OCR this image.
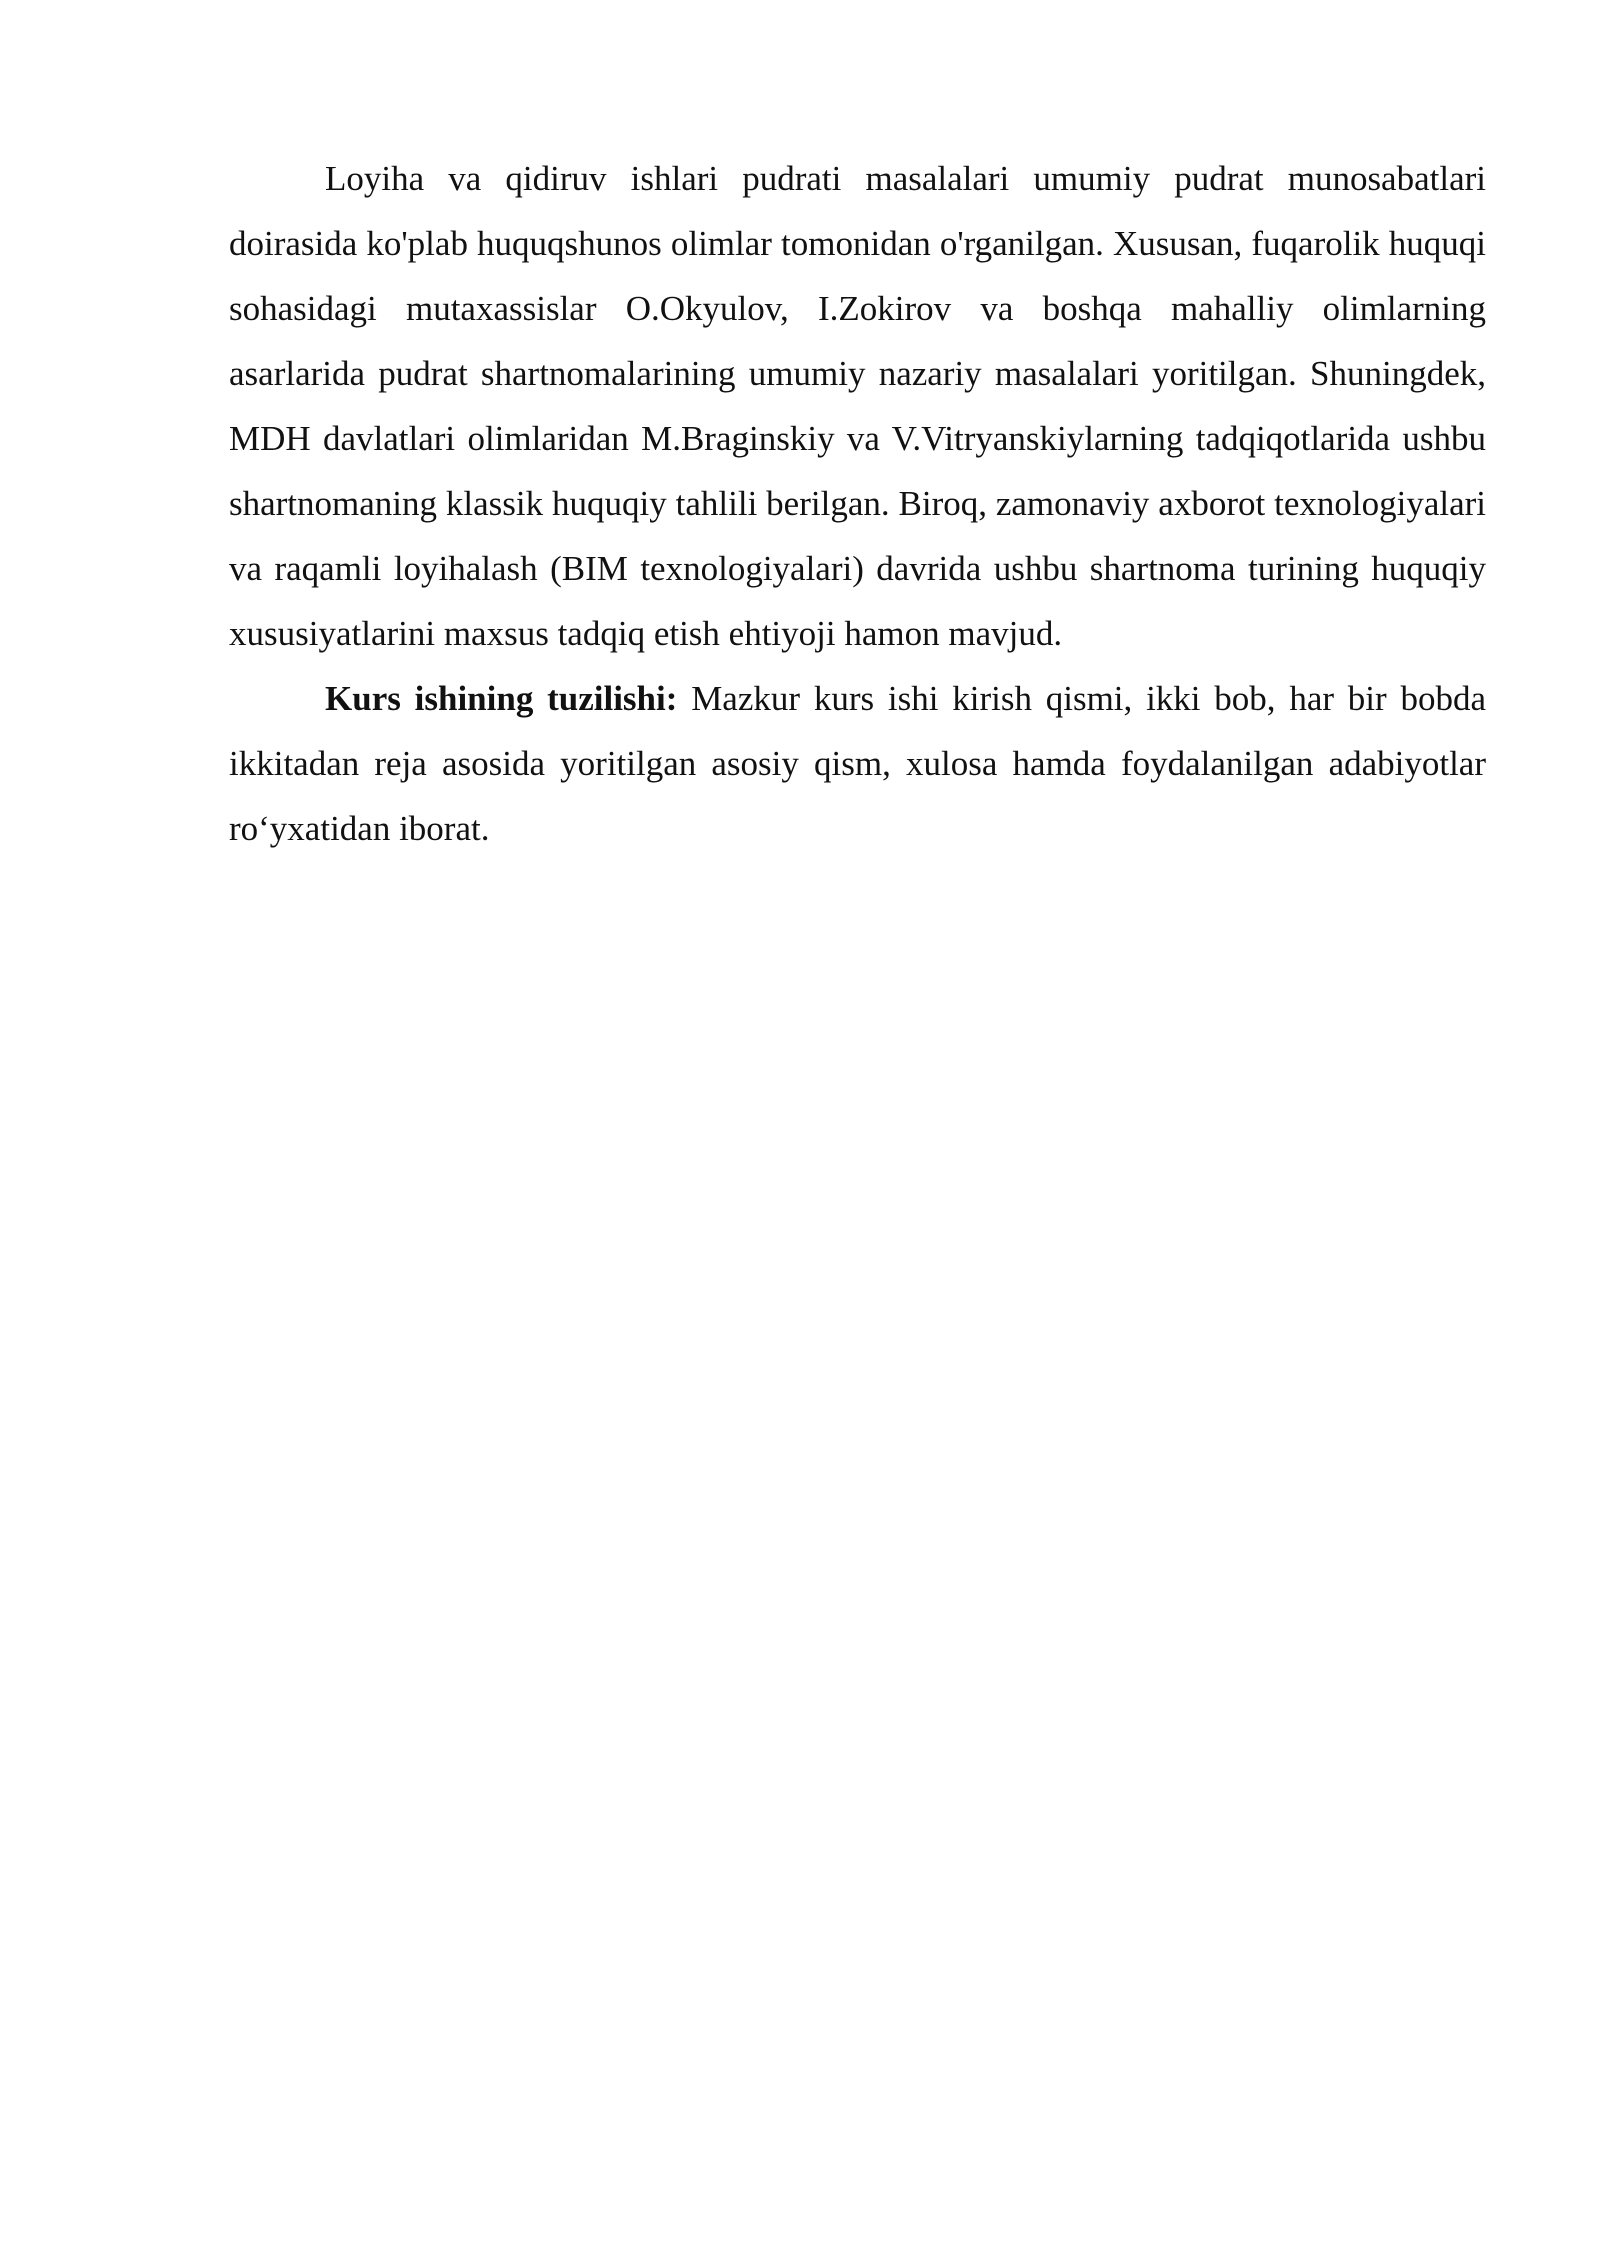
Loyiha va qidiruv ishlari pudrati masalalari umumiy pudrat munosabatlari doirasida ko'plab huquqshunos olimlar tomonidan o'rganilgan. Xususan, fuqarolik huquqi sohasidagi mutaxassislar O.Okyulov, I.Zokirov va boshqa mahalliy olimlarning asarlarida pudrat shartnomalarining umumiy nazariy masalalari yoritilgan. Shuningdek, MDH davlatlari olimlaridan M.Braginskiy va V.Vitryanskiylarning tadqiqotlarida ushbu shartnomaning klassik huquqiy tahlili berilgan. Biroq, zamonaviy axborot texnologiyalari va raqamli loyihalash (BIM texnologiyalari) davrida ushbu shartnoma turining huquqiy xususiyatlarini maxsus tadqiq etish ehtiyoji hamon mavjud.

Kurs ishining tuzilishi: Mazkur kurs ishi kirish qismi, ikki bob, har bir bobda ikkitadan reja asosida yoritilgan asosiy qism, xulosa hamda foydalanilgan adabiyotlar ro‘yxatidan iborat.
